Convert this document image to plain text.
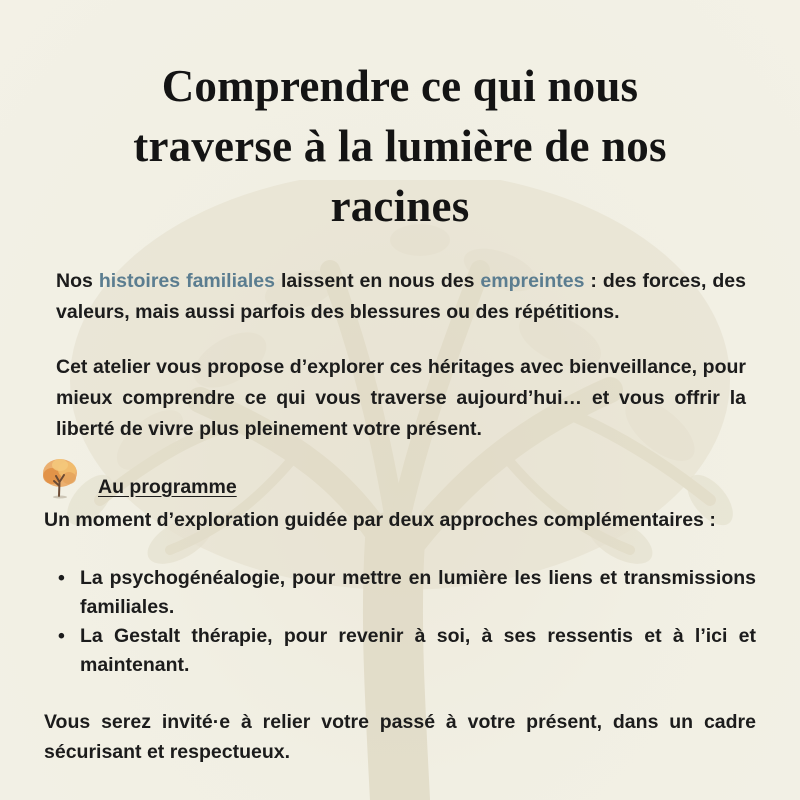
Comprendre ce qui nous
traverse à la lumière de nos
racines

Nos histoires familiales laissent en nous des empreintes : des forces, des valeurs, mais aussi parfois des blessures ou des répétitions.

Cet atelier vous propose d’explorer ces héritages avec bienveillance, pour mieux comprendre ce qui vous traverse aujourd’hui… et vous offrir la liberté de vivre plus pleinement votre présent.

Au programme

Un moment d’exploration guidée par deux approches complémentaires :

• La psychogénéalogie, pour mettre en lumière les liens et transmissions familiales.
• La Gestalt thérapie, pour revenir à soi, à ses ressentis et à l’ici et maintenant.

Vous serez invité·e à relier votre passé à votre présent, dans un cadre sécurisant et respectueux.
